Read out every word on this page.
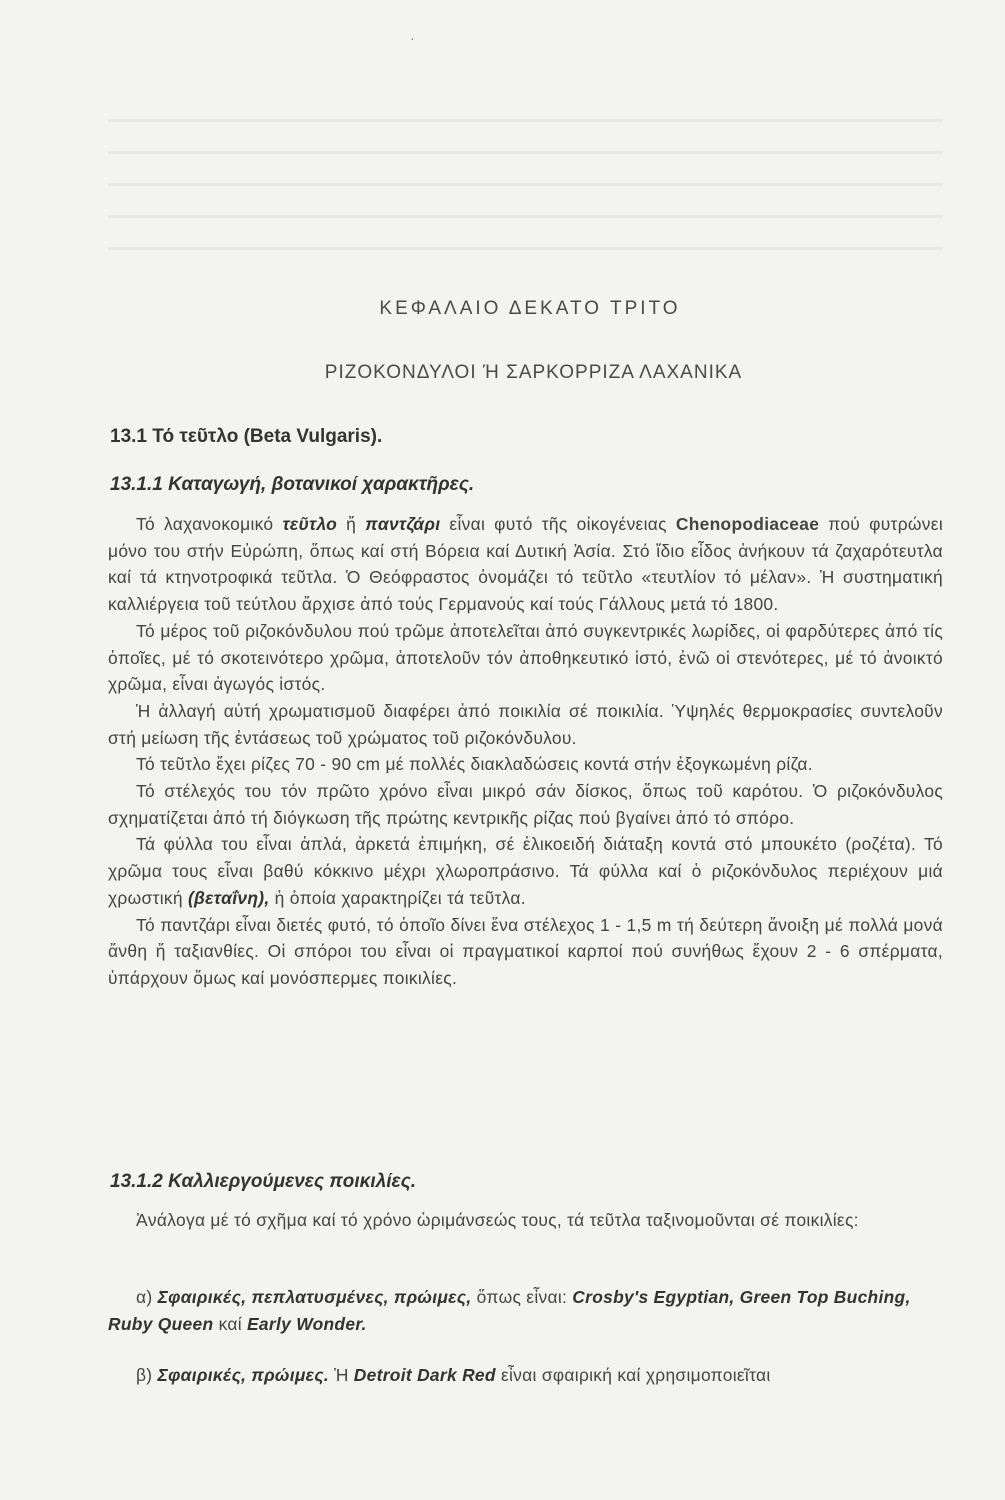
·
ΚΕΦΑΛΑΙΟ ΔΕΚΑΤΟ ΤΡΙΤΟ
ΡΙΖΟΚΟΝΔΥΛΟΙ Ή ΣΑΡΚΟΡΡΙΖΑ ΛΑΧΑΝΙΚΑ
13.1 Τό τεῦτλο (Beta Vulgaris).
13.1.1 Καταγωγή, βοτανικοί χαρακτῆρες.

Τό λαχανοκομικό τεῦτλο ἤ παντζάρι εἶναι φυτό τῆς οἰκογένειας Chenopodiaceae πού φυτρώνει μόνο του στήν Εὐρώπη, ὅπως καί στή Βόρεια καί Δυτική Ἀσία. Στό ἴδιο εἶδος ἀνήκουν τά ζαχαρότευτλα καί τά κτηνοτροφικά τεῦτλα. Ὁ Θεόφραστος ὀνομάζει τό τεῦτλο «τευτλίον τό μέλαν». Ἡ συστηματική καλλιέργεια τοῦ τεύτλου ἄρχισε ἀπό τούς Γερμανούς καί τούς Γάλλους μετά τό 1800.

Τό μέρος τοῦ ριζοκόνδυλου πού τρῶμε ἀποτελεῖται ἀπό συγκεντρικές λωρίδες, οἱ φαρδύτερες ἀπό τίς ὁποῖες, μέ τό σκοτεινότερο χρῶμα, ἀποτελοῦν τόν ἀποθηκευτικό ἱστό, ἐνῶ οἱ στενότερες, μέ τό ἀνοικτό χρῶμα, εἶναι ἀγωγός ἱστός.

Ἡ ἀλλαγή αὐτή χρωματισμοῦ διαφέρει ἀπό ποικιλία σέ ποικιλία. Ὑψηλές θερμοκρασίες συντελοῦν στή μείωση τῆς ἐντάσεως τοῦ χρώματος τοῦ ριζοκόνδυλου.

Τό τεῦτλο ἔχει ρίζες 70 - 90 cm μέ πολλές διακλαδώσεις κοντά στήν ἐξογκωμένη ρίζα.

Τό στέλεχός του τόν πρῶτο χρόνο εἶναι μικρό σάν δίσκος, ὅπως τοῦ καρότου. Ὁ ριζοκόνδυλος σχηματίζεται ἀπό τή διόγκωση τῆς πρώτης κεντρικῆς ρίζας πού βγαίνει ἀπό τό σπόρο.

Τά φύλλα του εἶναι ἁπλά, ἀρκετά ἐπιμήκη, σέ ἑλικοειδή διάταξη κοντά στό μπουκέτο (ροζέτα). Τό χρῶμα τους εἶναι βαθύ κόκκινο μέχρι χλωροπράσινο. Τά φύλλα καί ὁ ριζοκόνδυλος περιέχουν μιά χρωστική (βεταΐνη), ἡ ὁποία χαρακτηρίζει τά τεῦτλα.

Τό παντζάρι εἶναι διετές φυτό, τό ὁποῖο δίνει ἕνα στέλεχος 1 - 1,5 m τή δεύτερη ἄνοιξη μέ πολλά μονά ἄνθη ἤ ταξιανθίες. Οἱ σπόροι του εἶναι οἱ πραγματικοί καρποί πού συνήθως ἔχουν 2 - 6 σπέρματα, ὑπάρχουν ὅμως καί μονόσπερμες ποικιλίες.

13.1.2 Καλλιεργούμενες ποικιλίες.

Ἀνάλογα μέ τό σχῆμα καί τό χρόνο ὡριμάνσεώς τους, τά τεῦτλα ταξινομοῦνται σέ ποικιλίες:

α) Σφαιρικές, πεπλατυσμένες, πρώιμες, ὅπως εἶναι: Crosby's Egyptian, Green Top Buching, Ruby Queen καί Early Wonder.

β) Σφαιρικές, πρώιμες. Ἡ Detroit Dark Red εἶναι σφαιρική καί χρησιμοποιεῖται
